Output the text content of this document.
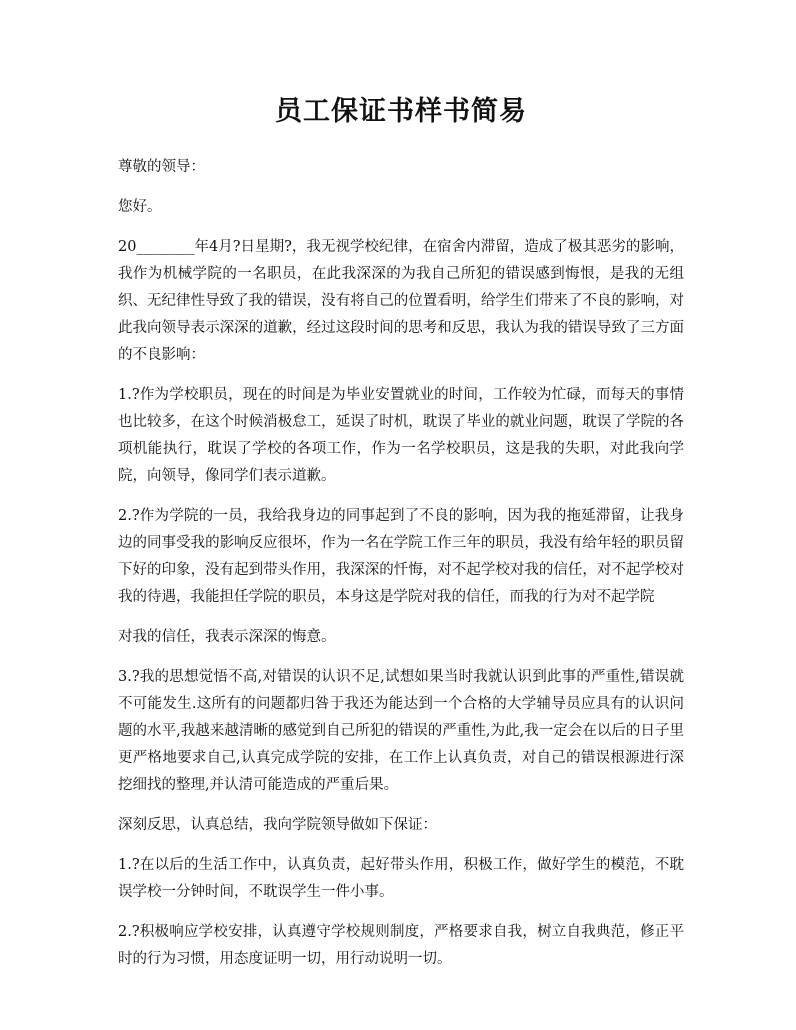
员工保证书样书简易

尊敬的领导：

您好。

20________年4月?日星期?，我无视学校纪律，在宿舍内滞留，造成了极其恶劣的影响，我作为机械学院的一名职员，在此我深深的为我自己所犯的错误感到悔恨，是我的无组织、无纪律性导致了我的错误，没有将自己的位置看明，给学生们带来了不良的影响，对此我向领导表示深深的道歉，经过这段时间的思考和反思，我认为我的错误导致了三方面的不良影响：

1.?作为学校职员，现在的时间是为毕业安置就业的时间，工作较为忙碌，而每天的事情也比较多，在这个时候消极怠工，延误了时机，耽误了毕业的就业问题，耽误了学院的各项机能执行，耽误了学校的各项工作，作为一名学校职员，这是我的失职，对此我向学院，向领导，像同学们表示道歉。

2.?作为学院的一员，我给我身边的同事起到了不良的影响，因为我的拖延滞留，让我身边的同事受我的影响反应很坏，作为一名在学院工作三年的职员，我没有给年轻的职员留下好的印象，没有起到带头作用，我深深的忏悔，对不起学校对我的信任，对不起学校对我的待遇，我能担任学院的职员，本身这是学院对我的信任，而我的行为对不起学院

对我的信任，我表示深深的悔意。

3.?我的思想觉悟不高,对错误的认识不足,试想如果当时我就认识到此事的严重性,错误就不可能发生.这所有的问题都归咎于我还为能达到一个合格的大学辅导员应具有的认识问题的水平,我越来越清晰的感觉到自己所犯的错误的严重性,为此,我一定会在以后的日子里更严格地要求自己,认真完成学院的安排，在工作上认真负责，对自己的错误根源进行深挖细找的整理,并认清可能造成的严重后果。

深刻反思，认真总结，我向学院领导做如下保证：

1.?在以后的生活工作中，认真负责，起好带头作用，积极工作，做好学生的模范，不耽误学校一分钟时间，不耽误学生一件小事。

2.?积极响应学校安排，认真遵守学校规则制度，严格要求自我，树立自我典范，修正平时的行为习惯，用态度证明一切，用行动说明一切。
